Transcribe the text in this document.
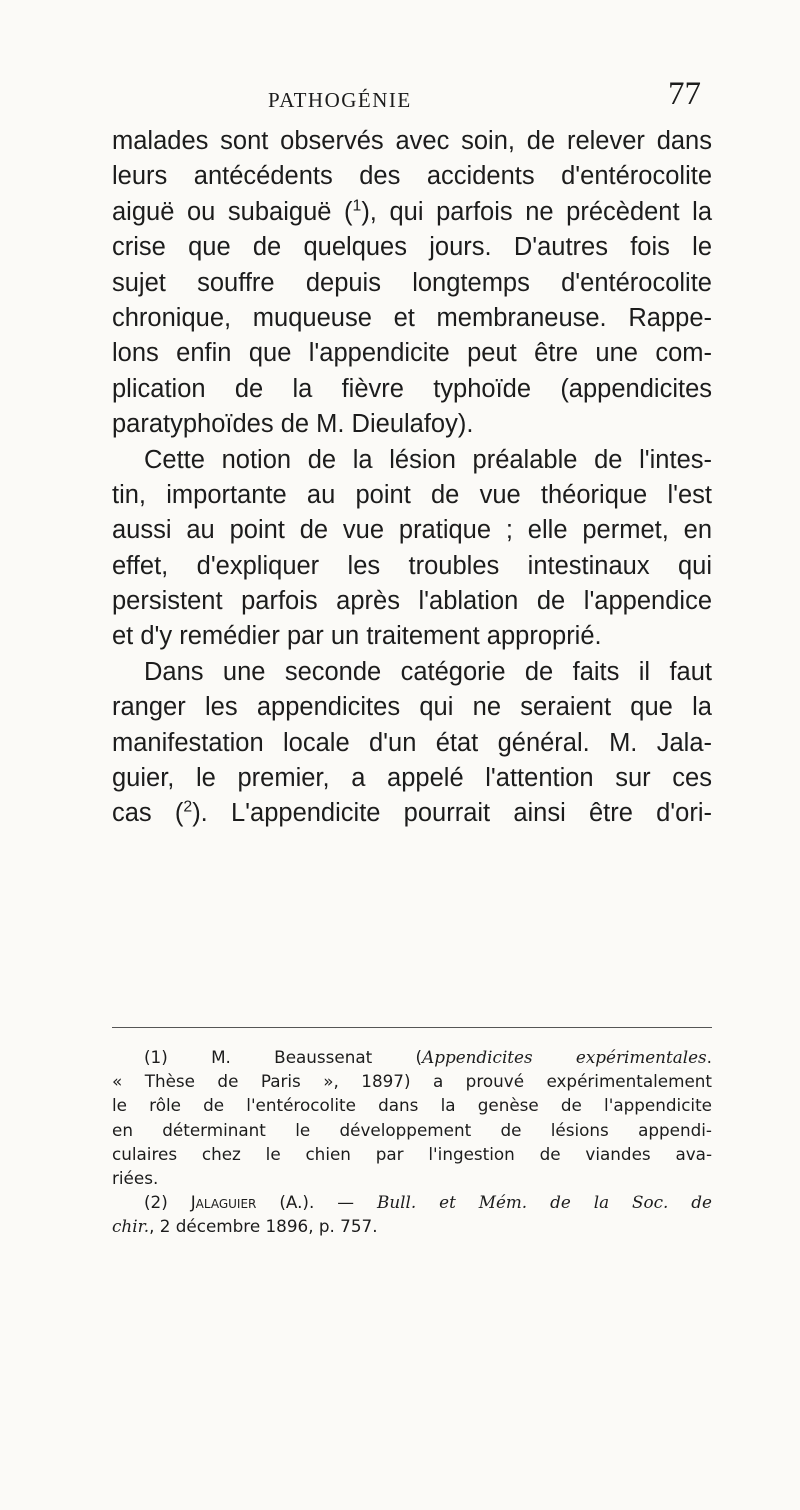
PATHOGÉNIE	77
malades sont observés avec soin, de relever dans
leurs antécédents des accidents d'entérocolite
aiguë ou subaiguë ($^1$), qui parfois ne précèdent la
crise que de quelques jours. D'autres fois le
sujet souffre depuis longtemps d'entérocolite
chronique, muqueuse et membraneuse. Rappe-
lons enfin que l'appendicite peut être une com-
plication de la fièvre typhoïde (appendicites
paratyphoïdes de M. Dieulafoy).
Cette notion de la lésion préalable de l'intes-
tin, importante au point de vue théorique l'est
aussi au point de vue pratique ; elle permet, en
effet, d'expliquer les troubles intestinaux qui
persistent parfois après l'ablation de l'appendice
et d'y remédier par un traitement approprié.
Dans une seconde catégorie de faits il faut
ranger les appendicites qui ne seraient que la
manifestation locale d'un état général. M. Jala-
guier, le premier, a appelé l'attention sur ces
cas ($^2$). L'appendicite pourrait ainsi être d'ori-
(1)	M. Beaussenat (Appendicites expérimentales.
« Thèse de Paris », 1897) a prouvé expérimentalement
le rôle de l'entérocolite dans la genèse de l'appendicite
en déterminant le développement de lésions appendi-
culaires chez le chien par l'ingestion de viandes ava-
riées.
(2) Jalaguier (A.). — Bull. et Mém. de la Soc. de
chir., 2 décembre 1896, p. 757.
